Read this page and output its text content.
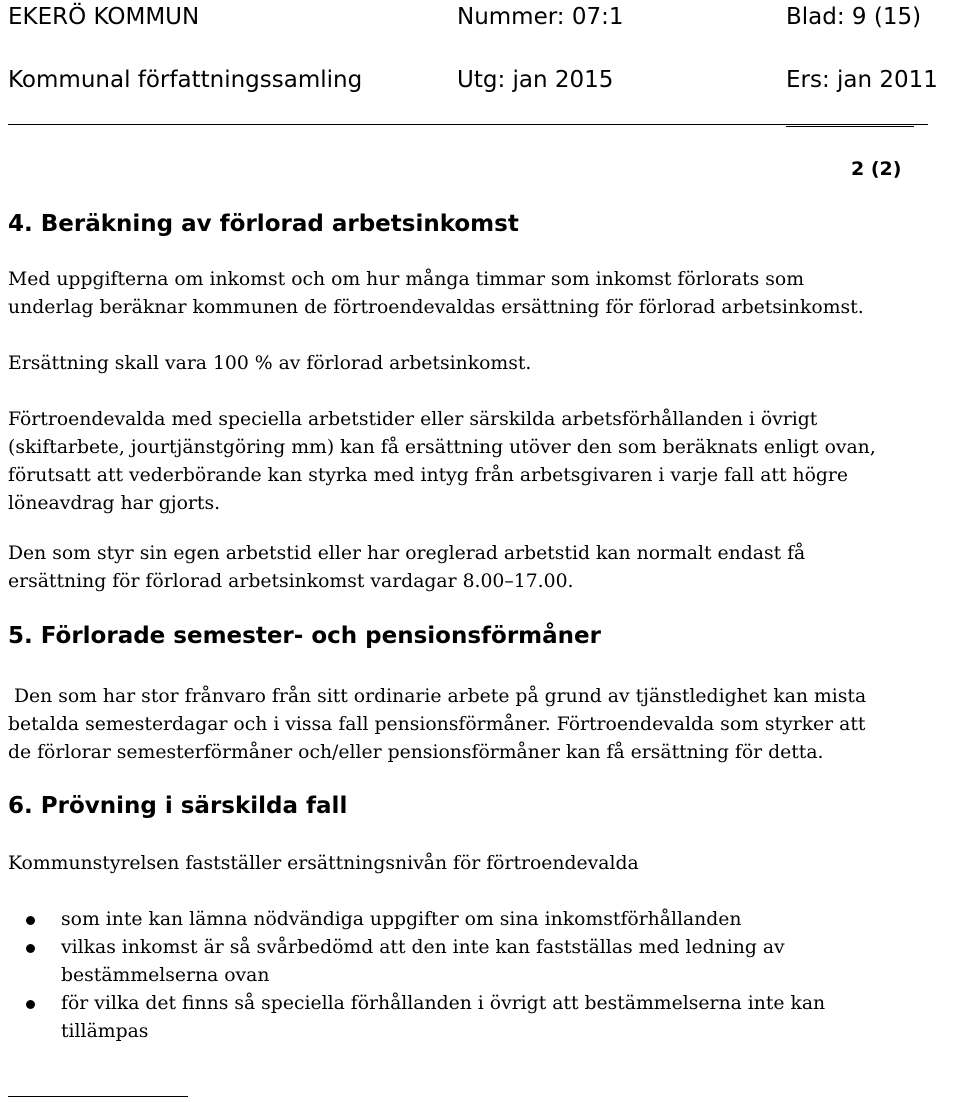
EKERÖ KOMMUN	Nummer: 07:1	Blad: 9 (15)
Kommunal författningssamling	Utg: jan 2015	Ers: jan 2011
2 (2)
4. Beräkning av förlorad arbetsinkomst
Med uppgifterna om inkomst och om hur många timmar som inkomst förlorats som
underlag beräknar kommunen de förtroendevaldas ersättning för förlorad arbetsinkomst.
Ersättning skall vara 100 % av förlorad arbetsinkomst.
Förtroendevalda med speciella arbetstider eller särskilda arbetsförhållanden i övrigt
(skiftarbete, jourtjänstgöring mm) kan få ersättning utöver den som beräknats enligt ovan,
förutsatt att vederbörande kan styrka med intyg från arbetsgivaren i varje fall att högre
löneavdrag har gjorts.
Den som styr sin egen arbetstid eller har oreglerad arbetstid kan normalt endast få
ersättning för förlorad arbetsinkomst vardagar 8.00–17.00.
5. Förlorade semester- och pensionsförmåner
Den som har stor frånvaro från sitt ordinarie arbete på grund av tjänstledighet kan mista
betalda semesterdagar och i vissa fall pensionsförmåner. Förtroendevalda som styrker att
de förlorar semesterförmåner och/eller pensionsförmåner kan få ersättning för detta.
6. Prövning i särskilda fall
Kommunstyrelsen fastställer ersättningsnivån för förtroendevalda
som inte kan lämna nödvändiga uppgifter om sina inkomstförhållanden
vilkas inkomst är så svårbedömd att den inte kan fastställas med ledning av
bestämmelserna ovan
för vilka det finns så speciella förhållanden i övrigt att bestämmelserna inte kan
tillämpas
